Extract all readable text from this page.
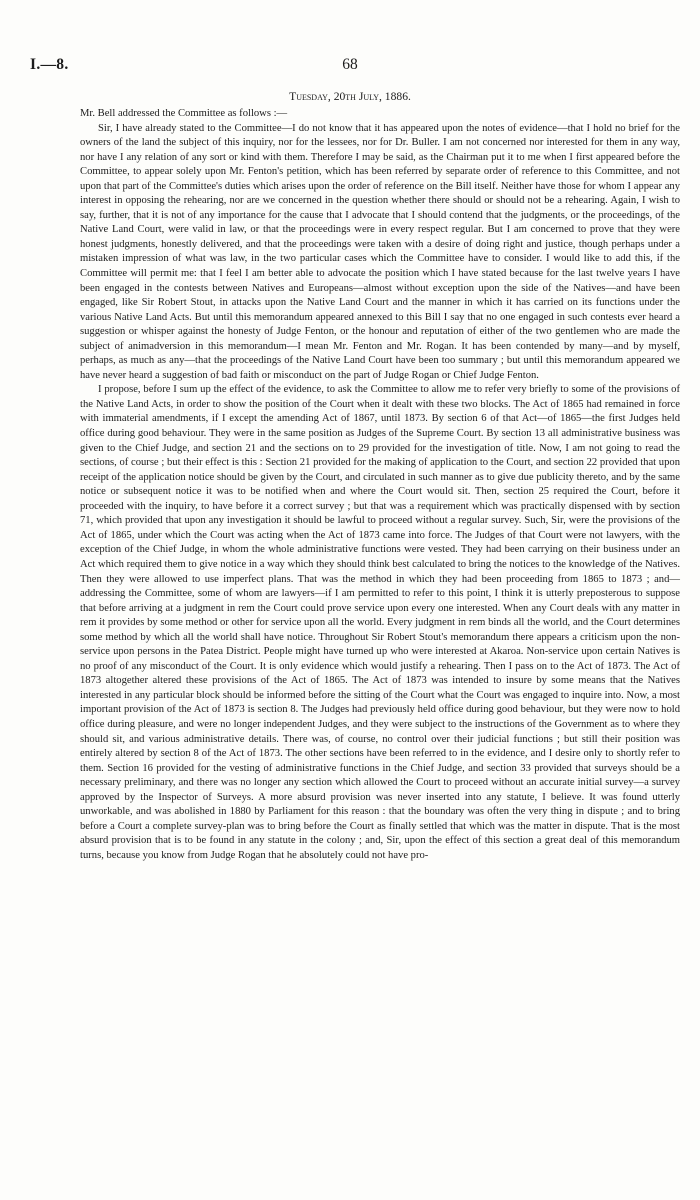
I.—8.	68
Tuesday, 20th July, 1886.

Mr. Bell addressed the Committee as follows :—

Sir, I have already stated to the Committee—I do not know that it has appeared upon the notes of evidence—that I hold no brief for the owners of the land the subject of this inquiry, nor for the lessees, nor for Dr. Buller. I am not concerned nor interested for them in any way, nor have I any relation of any sort or kind with them. Therefore I may be said, as the Chairman put it to me when I first appeared before the Committee, to appear solely upon Mr. Fenton's petition, which has been referred by separate order of reference to this Committee, and not upon that part of the Committee's duties which arises upon the order of reference on the Bill itself. Neither have those for whom I appear any interest in opposing the rehearing, nor are we concerned in the question whether there should or should not be a rehearing. Again, I wish to say, further, that it is not of any importance for the cause that I advocate that I should contend that the judgments, or the proceedings, of the Native Land Court, were valid in law, or that the proceedings were in every respect regular. But I am concerned to prove that they were honest judgments, honestly delivered, and that the proceedings were taken with a desire of doing right and justice, though perhaps under a mistaken impression of what was law, in the two particular cases which the Committee have to consider. I would like to add this, if the Committee will permit me: that I feel I am better able to advocate the position which I have stated because for the last twelve years I have been engaged in the contests between Natives and Europeans—almost without exception upon the side of the Natives—and have been engaged, like Sir Robert Stout, in attacks upon the Native Land Court and the manner in which it has carried on its functions under the various Native Land Acts. But until this memorandum appeared annexed to this Bill I say that no one engaged in such contests ever heard a suggestion or whisper against the honesty of Judge Fenton, or the honour and reputation of either of the two gentlemen who are made the subject of animadversion in this memorandum—I mean Mr. Fenton and Mr. Rogan. It has been contended by many—and by myself, perhaps, as much as any—that the proceedings of the Native Land Court have been too summary ; but until this memorandum appeared we have never heard a suggestion of bad faith or misconduct on the part of Judge Rogan or Chief Judge Fenton.

I propose, before I sum up the effect of the evidence, to ask the Committee to allow me to refer very briefly to some of the provisions of the Native Land Acts, in order to show the position of the Court when it dealt with these two blocks. The Act of 1865 had remained in force with immaterial amendments, if I except the amending Act of 1867, until 1873. By section 6 of that Act—of 1865—the first Judges held office during good behaviour. They were in the same position as Judges of the Supreme Court. By section 13 all administrative business was given to the Chief Judge, and section 21 and the sections on to 29 provided for the investigation of title. Now, I am not going to read the sections, of course ; but their effect is this : Section 21 provided for the making of application to the Court, and section 22 provided that upon receipt of the application notice should be given by the Court, and circulated in such manner as to give due publicity thereto, and by the same notice or subsequent notice it was to be notified when and where the Court would sit. Then, section 25 required the Court, before it proceeded with the inquiry, to have before it a correct survey ; but that was a requirement which was practically dispensed with by section 71, which provided that upon any investigation it should be lawful to proceed without a regular survey. Such, Sir, were the provisions of the Act of 1865, under which the Court was acting when the Act of 1873 came into force. The Judges of that Court were not lawyers, with the exception of the Chief Judge, in whom the whole administrative functions were vested. They had been carrying on their business under an Act which required them to give notice in a way which they should think best calculated to bring the notices to the knowledge of the Natives. Then they were allowed to use imperfect plans. That was the method in which they had been proceeding from 1865 to 1873 ; and—addressing the Committee, some of whom are lawyers—if I am permitted to refer to this point, I think it is utterly preposterous to suppose that before arriving at a judgment in rem the Court could prove service upon every one interested. When any Court deals with any matter in rem it provides by some method or other for service upon all the world. Every judgment in rem binds all the world, and the Court determines some method by which all the world shall have notice. Throughout Sir Robert Stout's memorandum there appears a criticism upon the non-service upon persons in the Patea District. People might have turned up who were interested at Akaroa. Non-service upon certain Natives is no proof of any misconduct of the Court. It is only evidence which would justify a rehearing. Then I pass on to the Act of 1873. The Act of 1873 altogether altered these provisions of the Act of 1865. The Act of 1873 was intended to insure by some means that the Natives interested in any particular block should be informed before the sitting of the Court what the Court was engaged to inquire into. Now, a most important provision of the Act of 1873 is section 8. The Judges had previously held office during good behaviour, but they were now to hold office during pleasure, and were no longer independent Judges, and they were subject to the instructions of the Government as to where they should sit, and various administrative details. There was, of course, no control over their judicial functions ; but still their position was entirely altered by section 8 of the Act of 1873. The other sections have been referred to in the evidence, and I desire only to shortly refer to them. Section 16 provided for the vesting of administrative functions in the Chief Judge, and section 33 provided that surveys should be a necessary preliminary, and there was no longer any section which allowed the Court to proceed without an accurate initial survey—a survey approved by the Inspector of Surveys. A more absurd provision was never inserted into any statute, I believe. It was found utterly unworkable, and was abolished in 1880 by Parliament for this reason : that the boundary was often the very thing in dispute ; and to bring before a Court a complete survey-plan was to bring before the Court as finally settled that which was the matter in dispute. That is the most absurd provision that is to be found in any statute in the colony ; and, Sir, upon the effect of this section a great deal of this memorandum turns, because you know from Judge Rogan that he absolutely could not have pro-
